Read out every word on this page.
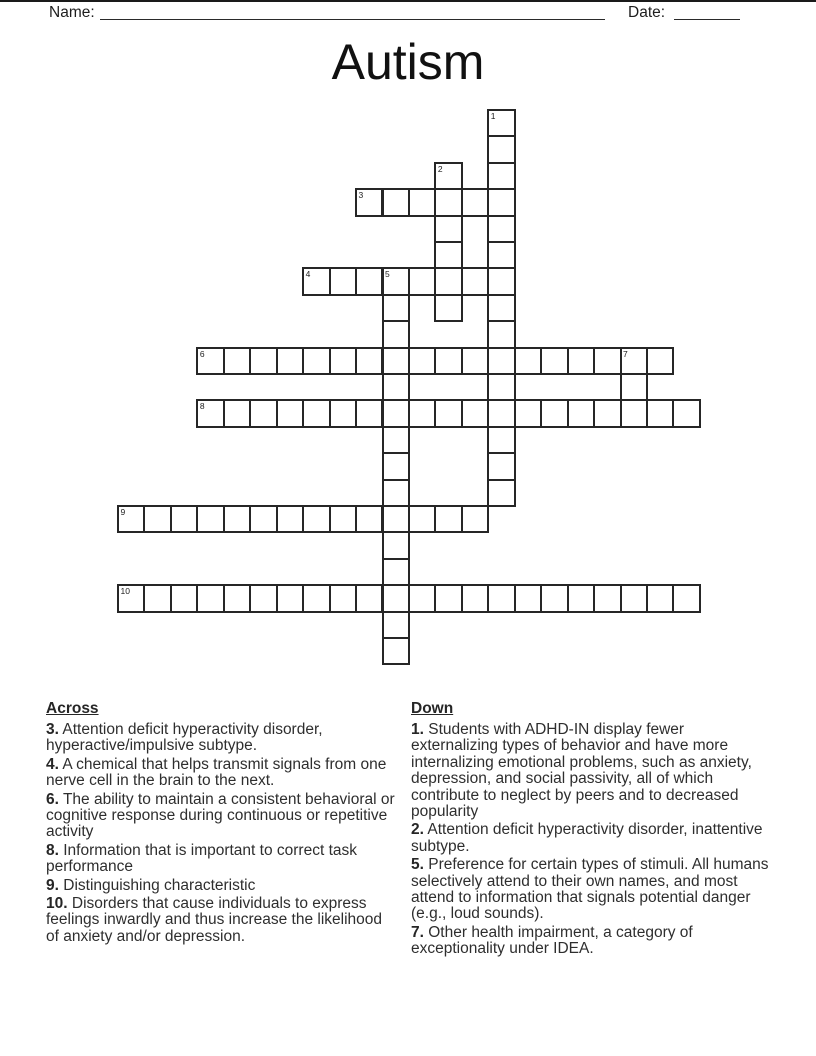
Name:	Date:
Autism
1
2
3
4	5
6	7
8
9
10
Across

3. Attention deficit hyperactivity disorder, hyperactive/impulsive subtype.

4. A chemical that helps transmit signals from one nerve cell in the brain to the next.

6. The ability to maintain a consistent behavioral or cognitive response during continuous or repetitive activity

8. Information that is important to correct task performance

9. Distinguishing characteristic

10. Disorders that cause individuals to express feelings inwardly and thus increase the likelihood of anxiety and/or depression.

Down

1. Students with ADHD-IN display fewer externalizing types of behavior and have more internalizing emotional problems, such as anxiety, depression, and social passivity, all of which contribute to neglect by peers and to decreased popularity

2. Attention deficit hyperactivity disorder, inattentive subtype.

5. Preference for certain types of stimuli. All humans selectively attend to their own names, and most attend to information that signals potential danger (e.g., loud sounds).

7. Other health impairment, a category of exceptionality under IDEA.
